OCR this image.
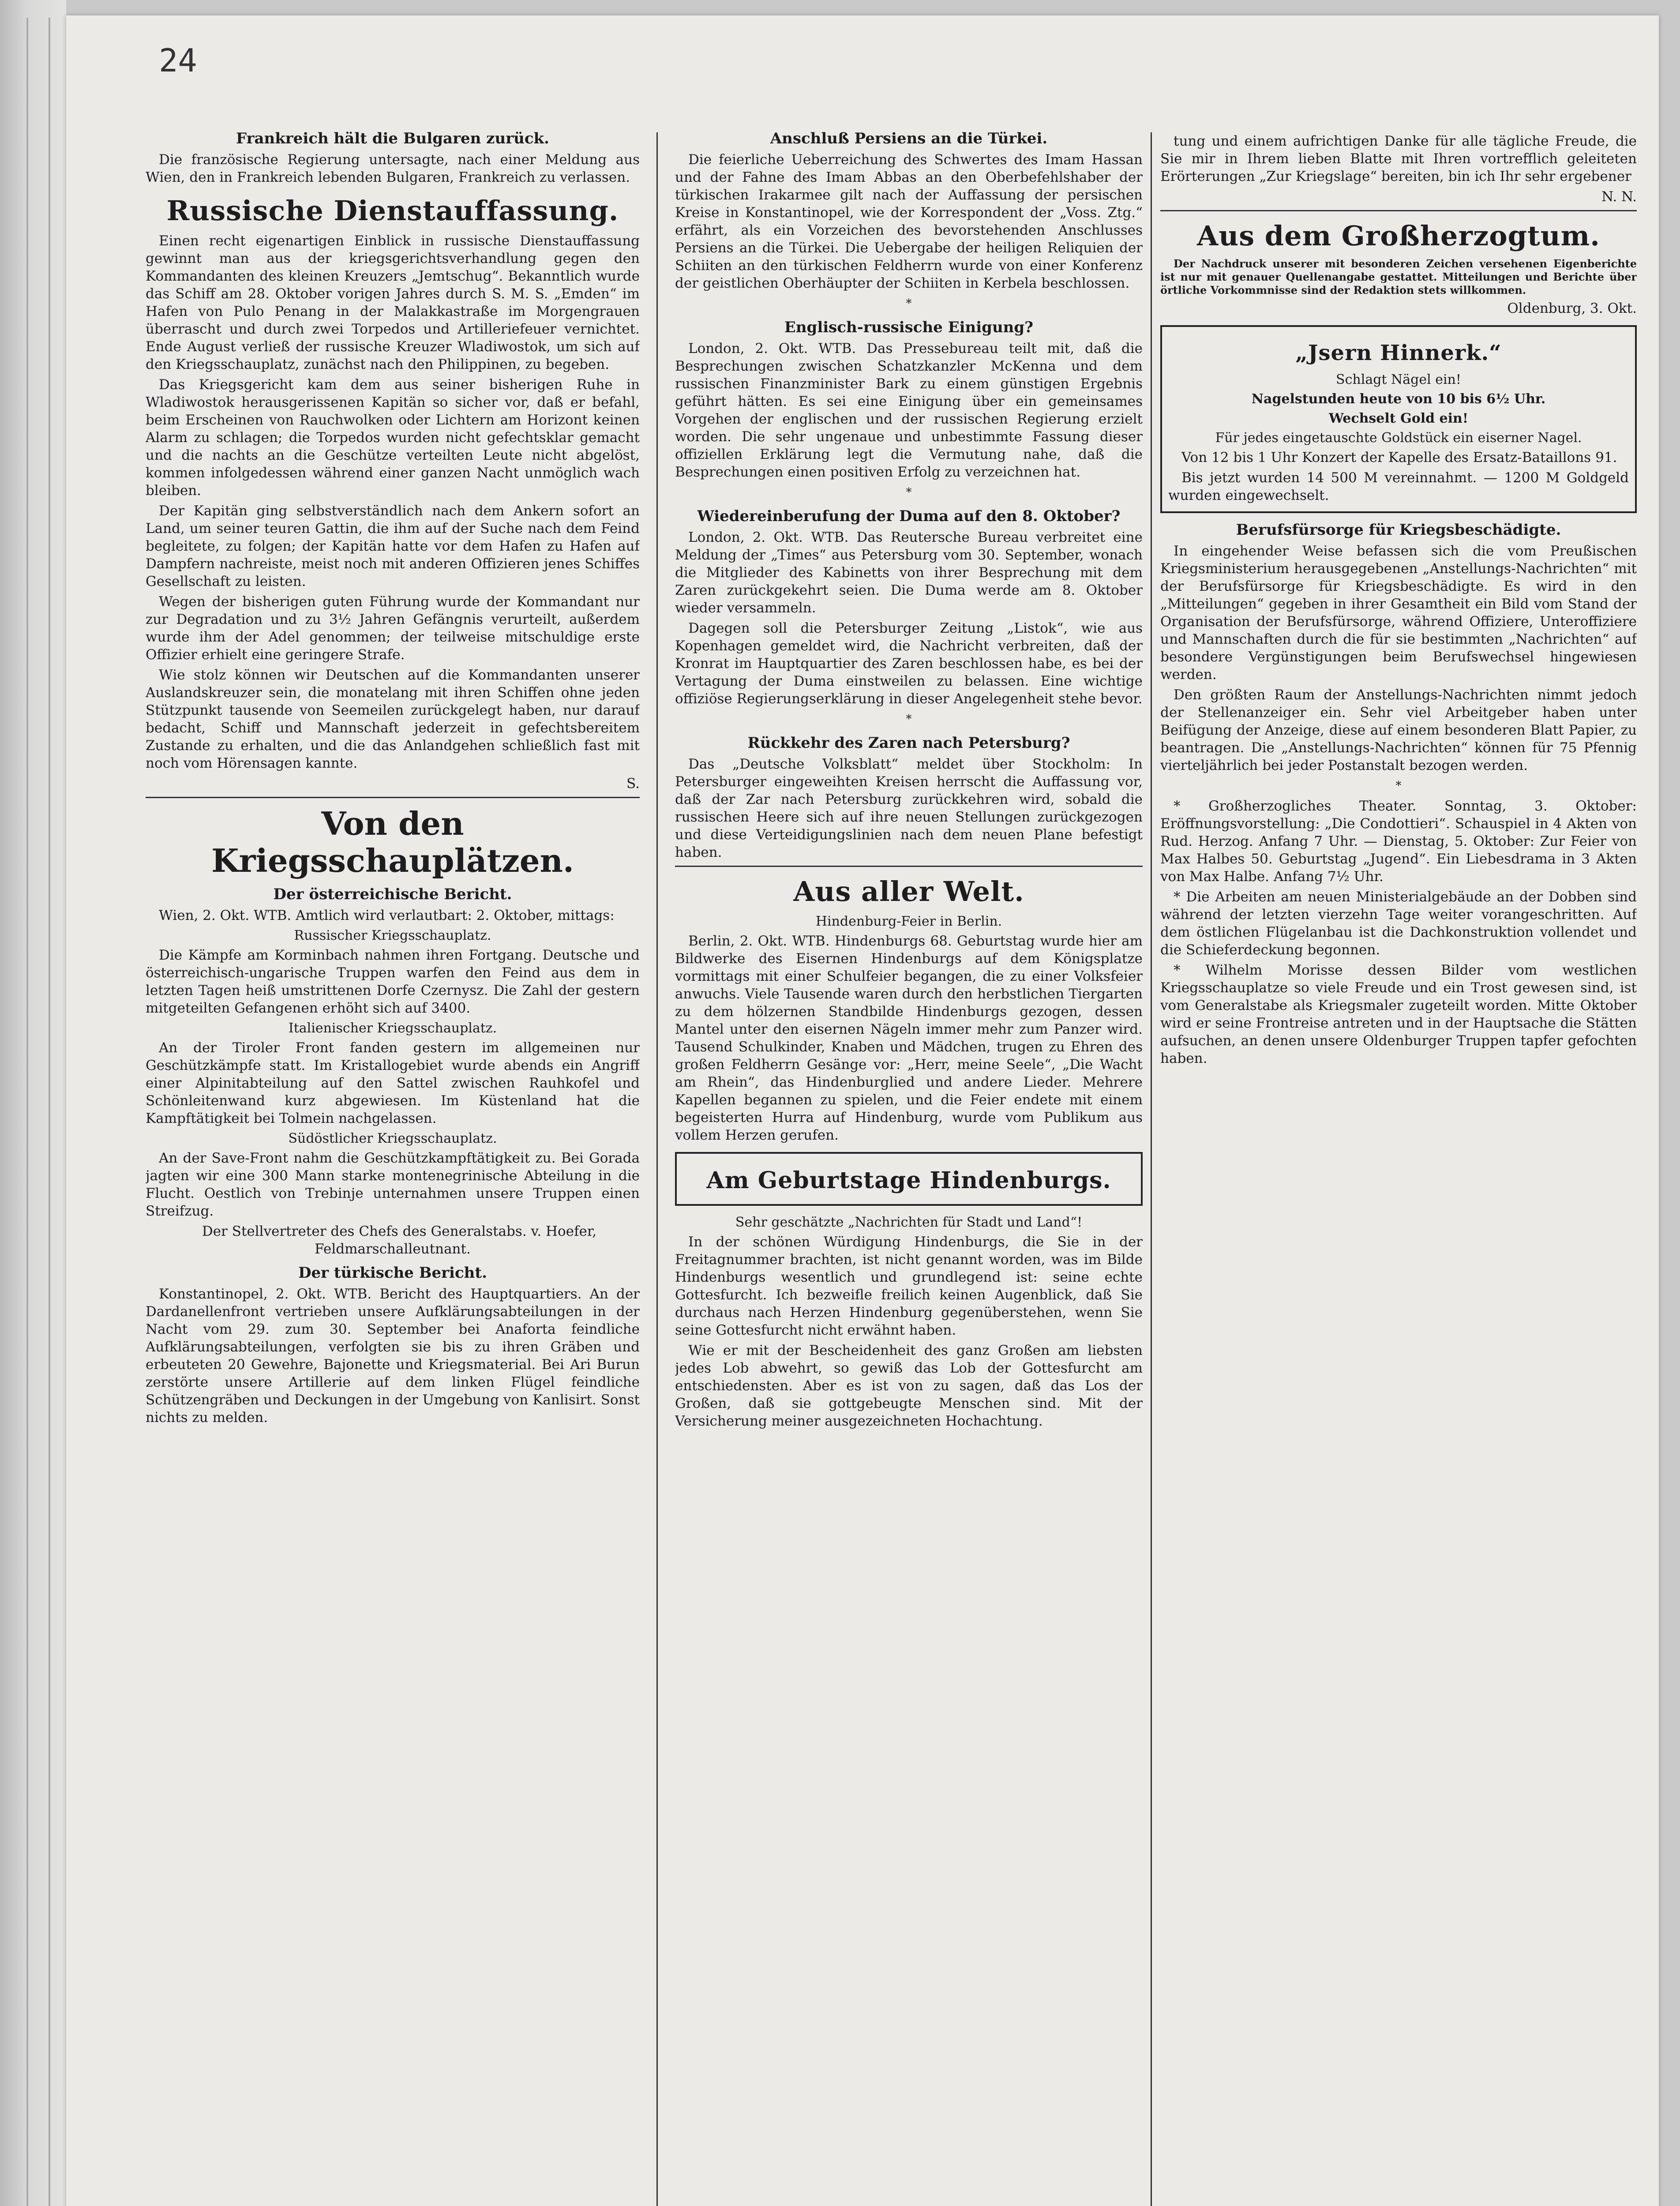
24
Frankreich hält die Bulgaren zurück.

Die französische Regierung untersagte, nach einer Meldung aus Wien, den in Frankreich lebenden Bulgaren, Frankreich zu verlassen.

Russische Dienstauffassung.

Einen recht eigenartigen Einblick in russische Dienstauffassung gewinnt man aus der kriegsgerichtsverhandlung gegen den Kommandanten des kleinen Kreuzers „Jemtschug“. Bekanntlich wurde das Schiff am 28. Oktober vorigen Jahres durch S. M. S. „Emden“ im Hafen von Pulo Penang in der Malakkastraße im Morgengrauen überrascht und durch zwei Torpedos und Artilleriefeuer vernichtet. Ende August verließ der russische Kreuzer Wladiwostok, um sich auf den Kriegsschauplatz, zunächst nach den Philippinen, zu begeben.

Das Kriegsgericht kam dem aus seiner bisherigen Ruhe in Wladiwostok herausgerissenen Kapitän so sicher vor, daß er befahl, beim Erscheinen von Rauchwolken oder Lichtern am Horizont keinen Alarm zu schlagen; die Torpedos wurden nicht gefechtsklar gemacht und die nachts an die Geschütze verteilten Leute nicht abgelöst, kommen infolgedessen während einer ganzen Nacht unmöglich wach bleiben.

Der Kapitän ging selbstverständlich nach dem Ankern sofort an Land, um seiner teuren Gattin, die ihm auf der Suche nach dem Feind begleitete, zu folgen; der Kapitän hatte vor dem Hafen zu Hafen auf Dampfern nachreiste, meist noch mit anderen Offizieren jenes Schiffes Gesellschaft zu leisten.

Wegen der bisherigen guten Führung wurde der Kommandant nur zur Degradation und zu 3½ Jahren Gefängnis verurteilt, außerdem wurde ihm der Adel genommen; der teilweise mitschuldige erste Offizier erhielt eine geringere Strafe.

Wie stolz können wir Deutschen auf die Kommandanten unserer Auslandskreuzer sein, die monatelang mit ihren Schiffen ohne jeden Stützpunkt tausende von Seemeilen zurückgelegt haben, nur darauf bedacht, Schiff und Mannschaft jederzeit in gefechtsbereitem Zustande zu erhalten, und die das Anlandgehen schließlich fast mit noch vom Hörensagen kannte.

S.
Von den Kriegsschauplätzen.
Der österreichische Bericht.

Wien, 2. Okt. WTB. Amtlich wird verlautbart: 2. Oktober, mittags:

Russischer Kriegsschauplatz.

Die Kämpfe am Korminbach nahmen ihren Fortgang. Deutsche und österreichisch-ungarische Truppen warfen den Feind aus dem in letzten Tagen heiß umstrittenen Dorfe Czernysz. Die Zahl der gestern mitgeteilten Gefangenen erhöht sich auf 3400.

Italienischer Kriegsschauplatz.

An der Tiroler Front fanden gestern im allgemeinen nur Geschützkämpfe statt. Im Kristallogebiet wurde abends ein Angriff einer Alpinitabteilung auf den Sattel zwischen Rauhkofel und Schönleitenwand kurz abgewiesen. Im Küstenland hat die Kampftätigkeit bei Tolmein nachgelassen.

Südöstlicher Kriegsschauplatz.

An der Save-Front nahm die Geschützkampftätigkeit zu. Bei Gorada jagten wir eine 300 Mann starke montenegrinische Abteilung in die Flucht. Oestlich von Trebinje unternahmen unsere Truppen einen Streifzug.

Der Stellvertreter des Chefs des Generalstabs. v. Hoefer, Feldmarschalleutnant.

Der türkische Bericht.

Konstantinopel, 2. Okt. WTB. Bericht des Hauptquartiers. An der Dardanellenfront vertrieben unsere Aufklärungsabteilungen in der Nacht vom 29. zum 30. September bei Anaforta feindliche Aufklärungsabteilungen, verfolgten sie bis zu ihren Gräben und erbeuteten 20 Gewehre, Bajonette und Kriegsmaterial. Bei Ari Burun zerstörte unsere Artillerie auf dem linken Flügel feindliche Schützengräben und Deckungen in der Umgebung von Kanlisirt. Sonst nichts zu melden.

Anschluß Persiens an die Türkei.

Die feierliche Ueberreichung des Schwertes des Imam Hassan und der Fahne des Imam Abbas an den Oberbefehlshaber der türkischen Irakarmee gilt nach der Auffassung der persischen Kreise in Konstantinopel, wie der Korrespondent der „Voss. Ztg.“ erfährt, als ein Vorzeichen des bevorstehenden Anschlusses Persiens an die Türkei. Die Uebergabe der heiligen Reliquien der Schiiten an den türkischen Feldherrn wurde von einer Konferenz der geistlichen Oberhäupter der Schiiten in Kerbela beschlossen.

*
Englisch-russische Einigung?

London, 2. Okt. WTB. Das Pressebureau teilt mit, daß die Besprechungen zwischen Schatzkanzler McKenna und dem russischen Finanzminister Bark zu einem günstigen Ergebnis geführt hätten. Es sei eine Einigung über ein gemeinsames Vorgehen der englischen und der russischen Regierung erzielt worden. Die sehr ungenaue und unbestimmte Fassung dieser offiziellen Erklärung legt die Vermutung nahe, daß die Besprechungen einen positiven Erfolg zu verzeichnen hat.

*
Wiedereinberufung der Duma auf den 8. Oktober?

London, 2. Okt. WTB. Das Reutersche Bureau verbreitet eine Meldung der „Times“ aus Petersburg vom 30. September, wonach die Mitglieder des Kabinetts von ihrer Besprechung mit dem Zaren zurückgekehrt seien. Die Duma werde am 8. Oktober wieder versammeln.

Dagegen soll die Petersburger Zeitung „Listok“, wie aus Kopenhagen gemeldet wird, die Nachricht verbreiten, daß der Kronrat im Hauptquartier des Zaren beschlossen habe, es bei der Vertagung der Duma einstweilen zu belassen. Eine wichtige offiziöse Regierungserklärung in dieser Angelegenheit stehe bevor.

*
Rückkehr des Zaren nach Petersburg?

Das „Deutsche Volksblatt“ meldet über Stockholm: In Petersburger eingeweihten Kreisen herrscht die Auffassung vor, daß der Zar nach Petersburg zurückkehren wird, sobald die russischen Heere sich auf ihre neuen Stellungen zurückgezogen und diese Verteidigungslinien nach dem neuen Plane befestigt haben.

Aus aller Welt.
Hindenburg-Feier in Berlin.

Berlin, 2. Okt. WTB. Hindenburgs 68. Geburtstag wurde hier am Bildwerke des Eisernen Hindenburgs auf dem Königsplatze vormittags mit einer Schulfeier begangen, die zu einer Volksfeier anwuchs. Viele Tausende waren durch den herbstlichen Tiergarten zu dem hölzernen Standbilde Hindenburgs gezogen, dessen Mantel unter den eisernen Nägeln immer mehr zum Panzer wird. Tausend Schulkinder, Knaben und Mädchen, trugen zu Ehren des großen Feldherrn Gesänge vor: „Herr, meine Seele“, „Die Wacht am Rhein“, das Hindenburglied und andere Lieder. Mehrere Kapellen begannen zu spielen, und die Feier endete mit einem begeisterten Hurra auf Hindenburg, wurde vom Publikum aus vollem Herzen gerufen.

Am Geburtstage Hindenburgs.
Sehr geschätzte „Nachrichten für Stadt und Land“!

In der schönen Würdigung Hindenburgs, die Sie in der Freitagnummer brachten, ist nicht genannt worden, was im Bilde Hindenburgs wesentlich und grundlegend ist: seine echte Gottesfurcht. Ich bezweifle freilich keinen Augenblick, daß Sie durchaus nach Herzen Hindenburg gegenüberstehen, wenn Sie seine Gottesfurcht nicht erwähnt haben.

Wie er mit der Bescheidenheit des ganz Großen am liebsten jedes Lob abwehrt, so gewiß das Lob der Gottesfurcht am entschiedensten. Aber es ist von zu sagen, daß das Los der Großen, daß sie gottgebeugte Menschen sind. Mit der Versicherung meiner ausgezeichneten Hochachtung.

tung und einem aufrichtigen Danke für alle tägliche Freude, die Sie mir in Ihrem lieben Blatte mit Ihren vortrefflich geleiteten Erörterungen „Zur Kriegslage“ bereiten, bin ich Ihr sehr ergebener

N. N.
Aus dem Großherzogtum.

Der Nachdruck unserer mit besonderen Zeichen versehenen Eigenberichte ist nur mit genauer Quellenangabe gestattet. Mitteilungen und Berichte über örtliche Vorkommnisse sind der Redaktion stets willkommen.

Oldenburg, 3. Okt.
„Jsern Hinnerk.“
Schlagt Nägel ein!
Nagelstunden heute von 10 bis 6½ Uhr.
Wechselt Gold ein!
Für jedes eingetauschte Goldstück ein eiserner Nagel.

Von 12 bis 1 Uhr Konzert der Kapelle des Ersatz-Bataillons 91.

Bis jetzt wurden 14 500 M vereinnahmt. — 1200 M Goldgeld wurden eingewechselt.

Berufsfürsorge für Kriegsbeschädigte.

In eingehender Weise befassen sich die vom Preußischen Kriegsministerium herausgegebenen „Anstellungs-Nachrichten“ mit der Berufsfürsorge für Kriegsbeschädigte. Es wird in den „Mitteilungen“ gegeben in ihrer Gesamtheit ein Bild vom Stand der Organisation der Berufsfürsorge, während Offiziere, Unteroffiziere und Mannschaften durch die für sie bestimmten „Nachrichten“ auf besondere Vergünstigungen beim Berufswechsel hingewiesen werden.

Den größten Raum der Anstellungs-Nachrichten nimmt jedoch der Stellenanzeiger ein. Sehr viel Arbeitgeber haben unter Beifügung der Anzeige, diese auf einem besonderen Blatt Papier, zu beantragen. Die „Anstellungs-Nachrichten“ können für 75 Pfennig vierteljährlich bei jeder Postanstalt bezogen werden.

*

* Großherzogliches Theater. Sonntag, 3. Oktober: Eröffnungsvorstellung: „Die Condottieri“. Schauspiel in 4 Akten von Rud. Herzog. Anfang 7 Uhr. — Dienstag, 5. Oktober: Zur Feier von Max Halbes 50. Geburtstag „Jugend“. Ein Liebesdrama in 3 Akten von Max Halbe. Anfang 7½ Uhr.

* Die Arbeiten am neuen Ministerialgebäude an der Dobben sind während der letzten vierzehn Tage weiter vorangeschritten. Auf dem östlichen Flügelanbau ist die Dachkonstruktion vollendet und die Schieferdeckung begonnen.

* Wilhelm Morisse dessen Bilder vom westlichen Kriegsschauplatze so viele Freude und ein Trost gewesen sind, ist vom Generalstabe als Kriegsmaler zugeteilt worden. Mitte Oktober wird er seine Frontreise antreten und in der Hauptsache die Stätten aufsuchen, an denen unsere Oldenburger Truppen tapfer gefochten haben.
